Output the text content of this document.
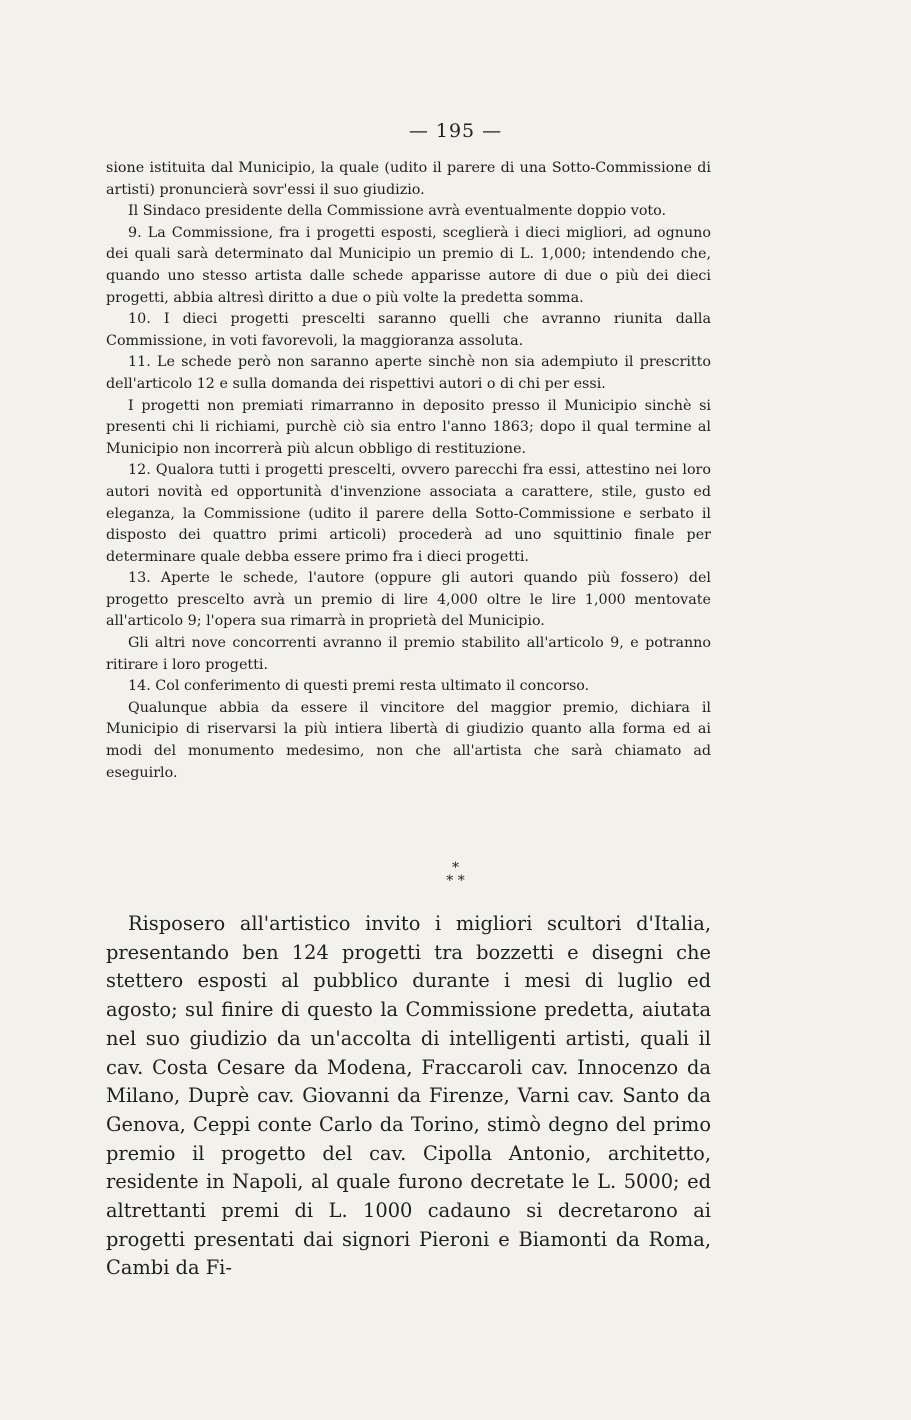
— 195 —

sione istituita dal Municipio, la quale (udito il parere di una Sotto-Commissione di artisti) pronuncierà sovr'essi il suo giudizio.

Il Sindaco presidente della Commissione avrà eventualmente doppio voto.

9. La Commissione, fra i progetti esposti, sceglierà i dieci migliori, ad ognuno dei quali sarà determinato dal Municipio un premio di L. 1,000; intendendo che, quando uno stesso artista dalle schede apparisse autore di due o più dei dieci progetti, abbia altresì diritto a due o più volte la predetta somma.

10. I dieci progetti prescelti saranno quelli che avranno riunita dalla Commissione, in voti favorevoli, la maggioranza assoluta.

11. Le schede però non saranno aperte sinchè non sia adempiuto il prescritto dell'articolo 12 e sulla domanda dei rispettivi autori o di chi per essi.

I progetti non premiati rimarranno in deposito presso il Municipio sinchè si presenti chi li richiami, purchè ciò sia entro l'anno 1863; dopo il qual termine al Municipio non incorrerà più alcun obbligo di restituzione.

12. Qualora tutti i progetti prescelti, ovvero parecchi fra essi, attestino nei loro autori novità ed opportunità d'invenzione associata a carattere, stile, gusto ed eleganza, la Commissione (udito il parere della Sotto-Commissione e serbato il disposto dei quattro primi articoli) procederà ad uno squittinio finale per determinare quale debba essere primo fra i dieci progetti.

13. Aperte le schede, l'autore (oppure gli autori quando più fossero) del progetto prescelto avrà un premio di lire 4,000 oltre le lire 1,000 mentovate all'articolo 9; l'opera sua rimarrà in proprietà del Municipio.

Gli altri nove concorrenti avranno il premio stabilito all'articolo 9, e potranno ritirare i loro progetti.

14. Col conferimento di questi premi resta ultimato il concorso.

Qualunque abbia da essere il vincitore del maggior premio, dichiara il Municipio di riservarsi la più intiera libertà di giudizio quanto alla forma ed ai modi del monumento medesimo, non che all'artista che sarà chiamato ad eseguirlo.

*
* *

Risposero all'artistico invito i migliori scultori d'Italia, presentando ben 124 progetti tra bozzetti e disegni che stettero esposti al pubblico durante i mesi di luglio ed agosto; sul finire di questo la Commissione predetta, aiutata nel suo giudizio da un'accolta di intelligenti artisti, quali il cav. Costa Cesare da Modena, Fraccaroli cav. Innocenzo da Milano, Duprè cav. Giovanni da Firenze, Varni cav. Santo da Genova, Ceppi conte Carlo da Torino, stimò degno del primo premio il progetto del cav. Cipolla Antonio, architetto, residente in Napoli, al quale furono decretate le L. 5000; ed altrettanti premi di L. 1000 cadauno si decretarono ai progetti presentati dai signori Pieroni e Biamonti da Roma, Cambi da Fi-
